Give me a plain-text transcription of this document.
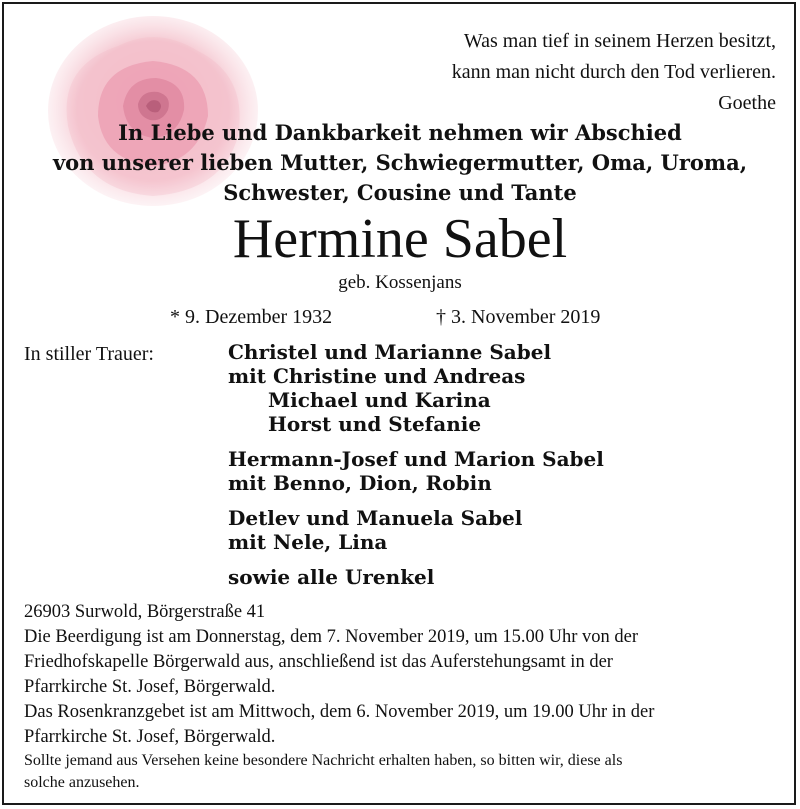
Was man tief in seinem Herzen besitzt,
kann man nicht durch den Tod verlieren.
Goethe
In Liebe und Dankbarkeit nehmen wir Abschied
von unserer lieben Mutter, Schwiegermutter, Oma, Uroma,
Schwester, Cousine und Tante
Hermine Sabel
geb. Kossenjans
* 9. Dezember 1932	† 3. November 2019
In stiller Trauer:	Christel und Marianne Sabel
mit Christine und Andreas
Michael und Karina
Horst und Stefanie
Hermann-Josef und Marion Sabel
mit Benno, Dion, Robin
Detlev und Manuela Sabel
mit Nele, Lina
sowie alle Urenkel
26903 Surwold, Börgerstraße 41
Die Beerdigung ist am Donnerstag, dem 7. November 2019, um 15.00 Uhr von der
Friedhofskapelle Börgerwald aus, anschließend ist das Auferstehungsamt in der
Pfarrkirche St. Josef, Börgerwald.
Das Rosenkranzgebet ist am Mittwoch, dem 6. November 2019, um 19.00 Uhr in der
Pfarrkirche St. Josef, Börgerwald.
Sollte jemand aus Versehen keine besondere Nachricht erhalten haben, so bitten wir, diese als
solche anzusehen.
